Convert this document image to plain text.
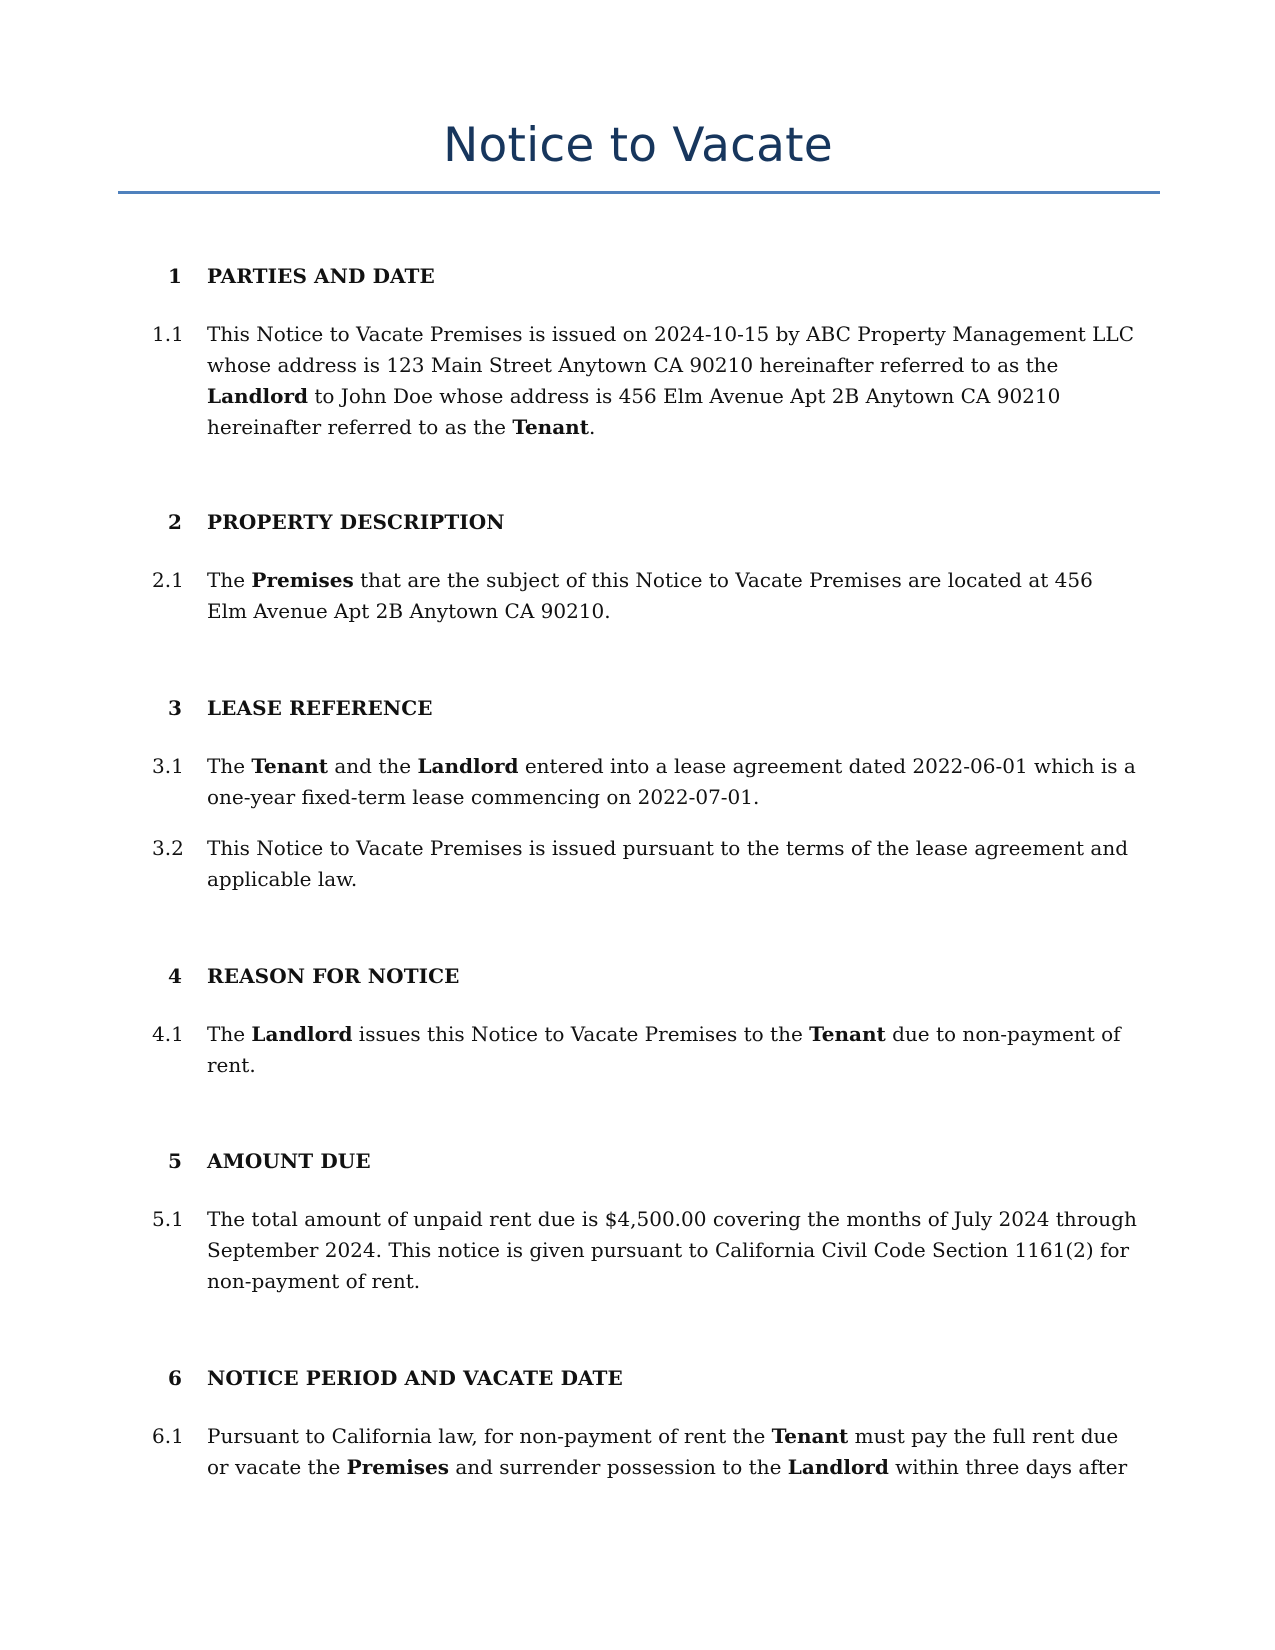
Notice to Vacate
1 PARTIES AND DATE
1.1	This Notice to Vacate Premises is issued on 2024-10-15 by ABC Property Management LLC whose address is 123 Main Street Anytown CA 90210 hereinafter referred to as the Landlord to John Doe whose address is 456 Elm Avenue Apt 2B Anytown CA 90210 hereinafter referred to as the Tenant.
2 PROPERTY DESCRIPTION
2.1	The Premises that are the subject of this Notice to Vacate Premises are located at 456 Elm Avenue Apt 2B Anytown CA 90210.
3 LEASE REFERENCE
3.1	The Tenant and the Landlord entered into a lease agreement dated 2022-06-01 which is a one-year fixed-term lease commencing on 2022-07-01.
3.2	This Notice to Vacate Premises is issued pursuant to the terms of the lease agreement and applicable law.
4 REASON FOR NOTICE
4.1	The Landlord issues this Notice to Vacate Premises to the Tenant due to non-payment of rent.
5 AMOUNT DUE
5.1	The total amount of unpaid rent due is $4,500.00 covering the months of July 2024 through September 2024. This notice is given pursuant to California Civil Code Section 1161(2) for non-payment of rent.
6 NOTICE PERIOD AND VACATE DATE
6.1	Pursuant to California law, for non-payment of rent the Tenant must pay the full rent due or vacate the Premises and surrender possession to the Landlord within three days after
